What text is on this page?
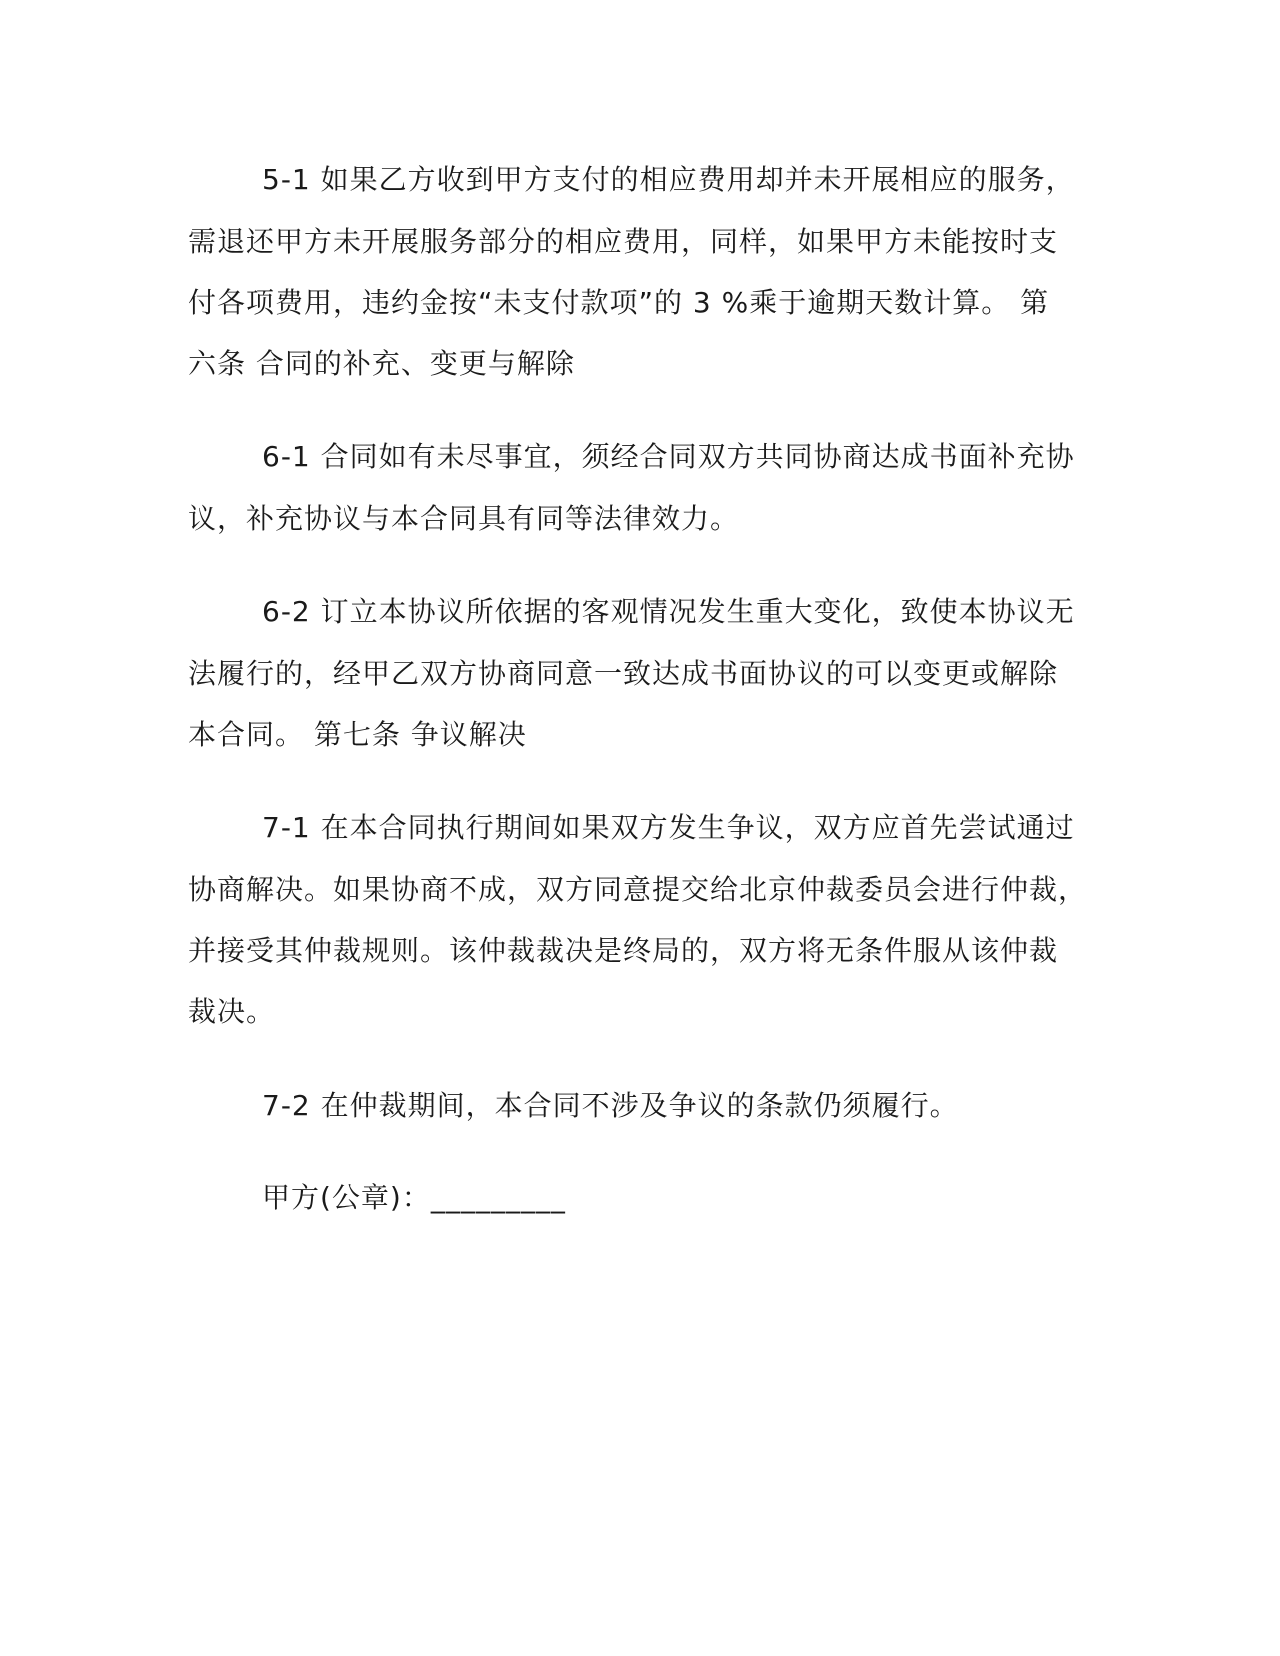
5-1 如果乙方收到甲方支付的相应费用却并未开展相应的服务，
需退还甲方未开展服务部分的相应费用，同样，如果甲方未能按时支
付各项费用，违约金按“未支付款项”的 3 %乘于逾期天数计算。 第
六条 合同的补充、变更与解除
6-1 合同如有未尽事宜，须经合同双方共同协商达成书面补充协
议，补充协议与本合同具有同等法律效力。
6-2 订立本协议所依据的客观情况发生重大变化，致使本协议无
法履行的，经甲乙双方协商同意一致达成书面协议的可以变更或解除
本合同。 第七条 争议解决
7-1 在本合同执行期间如果双方发生争议，双方应首先尝试通过
协商解决。如果协商不成，双方同意提交给北京仲裁委员会进行仲裁，
并接受其仲裁规则。该仲裁裁决是终局的，双方将无条件服从该仲裁
裁决。
7-2 在仲裁期间，本合同不涉及争议的条款仍须履行。
甲方(公章)：_________
